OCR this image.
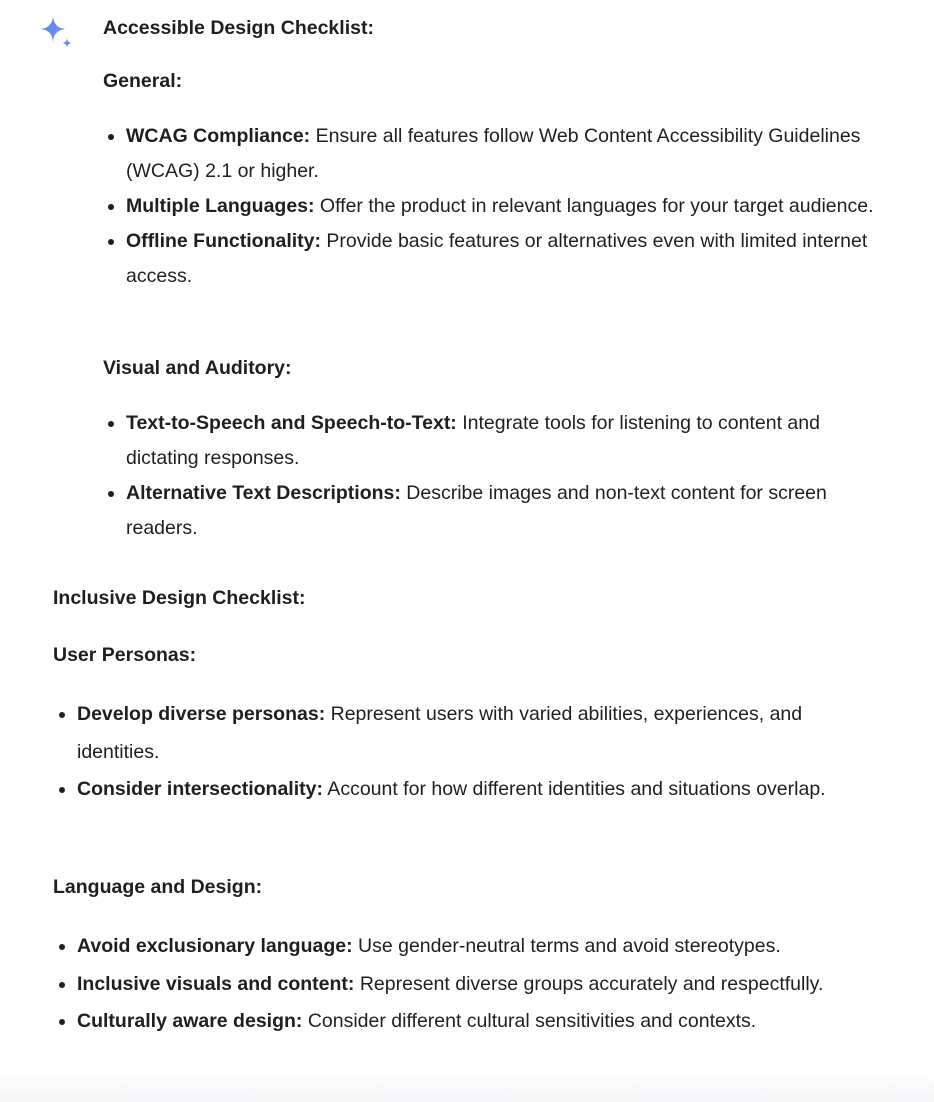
Accessible Design Checklist:
General:
WCAG Compliance: Ensure all features follow Web Content Accessibility Guidelines (WCAG) 2.1 or higher.
Multiple Languages: Offer the product in relevant languages for your target audience.
Offline Functionality: Provide basic features or alternatives even with limited internet access.
Visual and Auditory:
Text-to-Speech and Speech-to-Text: Integrate tools for listening to content and dictating responses.
Alternative Text Descriptions: Describe images and non-text content for screen readers.
Inclusive Design Checklist:
User Personas:
Develop diverse personas: Represent users with varied abilities, experiences, and identities.
Consider intersectionality: Account for how different identities and situations overlap.
Language and Design:
Avoid exclusionary language: Use gender-neutral terms and avoid stereotypes.
Inclusive visuals and content: Represent diverse groups accurately and respectfully.
Culturally aware design: Consider different cultural sensitivities and contexts.
